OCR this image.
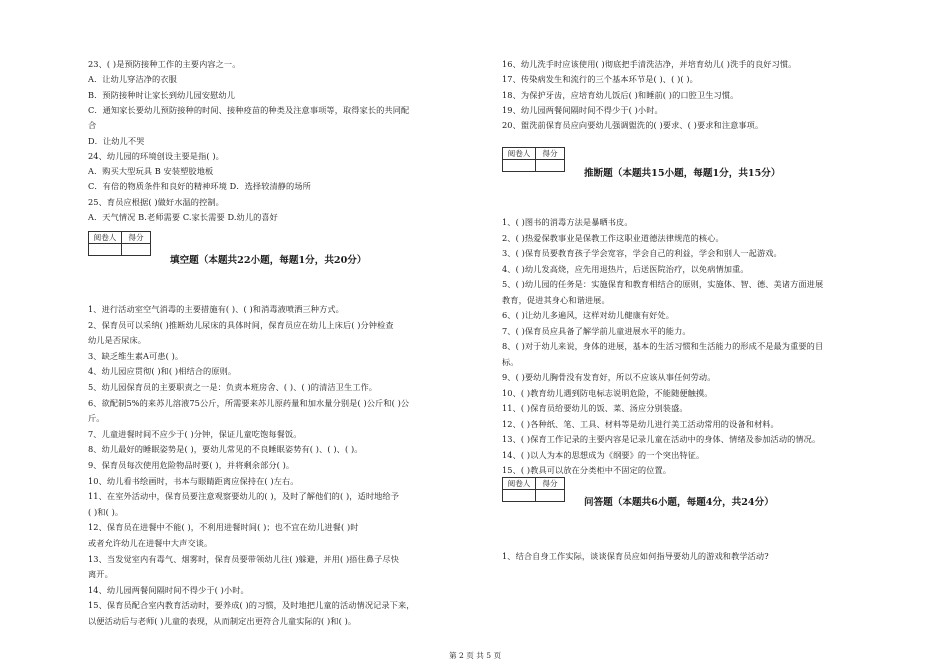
23、( )是预防接种工作的主要内容之一。
A．让幼儿穿洁净的衣服
B．预防接种时让家长到幼儿园安慰幼儿
C．通知家长要幼儿预防接种的时间、接种疫苗的种类及注意事项等，取得家长的共同配
合
D．让幼儿不哭
24、幼儿园的环境创设主要是指( )。
A．购买大型玩具 B 安装塑胶地板
C．有倍的物质条件和良好的精神环境 D．选择较清静的场所
25、育员应根据( )做好水温的控制。
A．天气情况 B.老师需要 C.家长需要 D.幼儿的喜好
阅卷人	得分

填空题（本题共22小题，每题1分，共20分）
1、进行活动室空气消毒的主要措施有( )、( )和消毒液喷洒三种方式。
2、保育员可以采纳( )推断幼儿尿床的具体时间，保育员应在幼儿上床后( )分钟检查
幼儿是否尿床。
3、缺乏维生素A可患( )。
4、幼儿园应贯彻( )和( )相结合的原则。
5、幼儿园保育员的主要职责之一是：负责本班房舍、( )、( )的清洁卫生工作。
6、欲配制5%的来苏儿溶液75公斤，所需要来苏儿原药量和加水量分别是( )公斤和( )公
斤。
7、儿童进餐时间不应少于( )分钟，保证儿童吃饱每餐饭。
8、幼儿最好的睡眠姿势是( )，要幼儿常见的不良睡眠姿势有( )、( )、( )。
9、保育员每次使用危险物品时要( )，并将剩余部分( )。
10、幼儿看书绘画时，书本与眼睛距离应保持在( )左右。
11、在室外活动中，保育员要注意观察要幼儿的( )，及时了解他们的( )，适时地给予
( )和( )。
12、保育员在进餐中不能( )，不利用进餐时间( )；也不宜在幼儿进餐( )时
或者允许幼儿在进餐中大声交谈。
13、当发觉室内有毒气、烟雾时，保育员要带领幼儿往( )躲避，并用( )捂住鼻子尽快
离开。
14、幼儿园两餐间隔时间不得少于( )小时。
15、保育员配合室内教育活动时，要养成( )的习惯，及时地把儿童的活动情况记录下来，
以便活动后与老师( )儿童的表现，从而制定出更符合儿童实际的( )和( )。
16、幼儿洗手时应该使用( )彻底把手清洗洁净，并培育幼儿( )洗手的良好习惯。
17、传染病发生和流行的三个基本环节是( )、( )( )。
18、为保护牙齿，应培育幼儿饭后( )和睡前( )的口腔卫生习惯。
19、幼儿园两餐间隔时间不得少于( )小时。
20、盥洗前保育员应向要幼儿强调盥洗的( )要求、( )要求和注意事项。
阅卷人	得分

推断题（本题共15小题，每题1分，共15分）
1、( )图书的消毒方法是暴晒书皮。
2、( )热爱保教事业是保教工作这职业道德法律规范的核心。
3、( )保育员要教育孩子学会宽容，学会自己的利益，学会和别人一起游戏。
4、( )幼儿发高烧，应先用退热片，后送医院治疗，以免病情加重。
5、( )幼儿园的任务是：实施保育和教育相结合的原则，实施体、智、德、美诸方面进展
教育，促进其身心和谐进展。
6、( )让幼儿多遍风，这样对幼儿健康有好处。
7、( )保育员应具备了解学前儿童进展水平的能力。
8、( )对于幼儿来说，身体的进展，基本的生活习惯和生活能力的形成不是最为重要的目
标。
9、( )要幼儿胸骨没有发育好，所以不应该从事任何劳动。
10、( )教育幼儿遇到防电标志说明危险，不能随便触摸。
11、( )保育员给要幼儿的饭、菜、汤应分别装盛。
12、( )各种纸、笔、工具、材料等是幼儿进行美工活动常用的设备和材料。
13、( )保育工作记录的主要内容是记录儿童在活动中的身体、情绪及参加活动的情况。
14、( )以人为本的思想成为《纲要》的一个突出特征。
15、( )教具可以放在分类柜中不固定的位置。
阅卷人	得分

问答题（本题共6小题，每题4分，共24分）
1、结合自身工作实际，谈谈保育员应如何指导要幼儿的游戏和教学活动?
第 2 页 共 5 页
